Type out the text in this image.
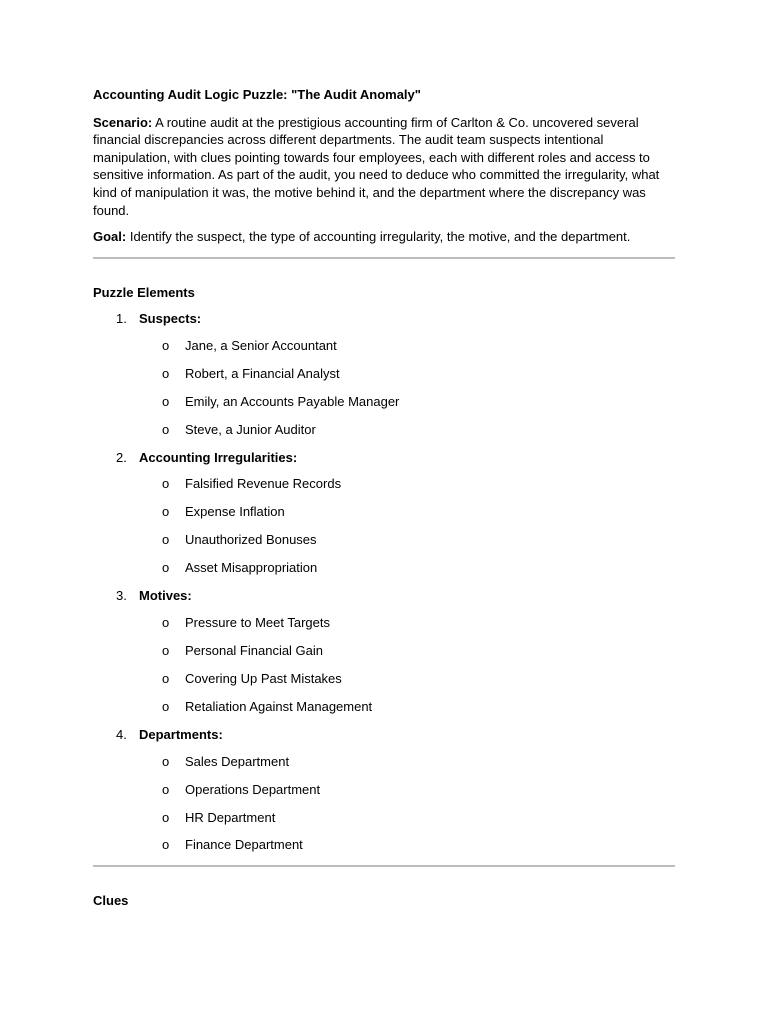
Accounting Audit Logic Puzzle: "The Audit Anomaly"

Scenario: A routine audit at the prestigious accounting firm of Carlton & Co. uncovered several financial discrepancies across different departments. The audit team suspects intentional manipulation, with clues pointing towards four employees, each with different roles and access to sensitive information. As part of the audit, you need to deduce who committed the irregularity, what kind of manipulation it was, the motive behind it, and the department where the discrepancy was found.

Goal: Identify the suspect, the type of accounting irregularity, the motive, and the department.

Puzzle Elements
1. Suspects:
o Jane, a Senior Accountant
o Robert, a Financial Analyst
o Emily, an Accounts Payable Manager
o Steve, a Junior Auditor
2. Accounting Irregularities:
o Falsified Revenue Records
o Expense Inflation
o Unauthorized Bonuses
o Asset Misappropriation
3. Motives:
o Pressure to Meet Targets
o Personal Financial Gain
o Covering Up Past Mistakes
o Retaliation Against Management
4. Departments:
o Sales Department
o Operations Department
o HR Department
o Finance Department
Clues
